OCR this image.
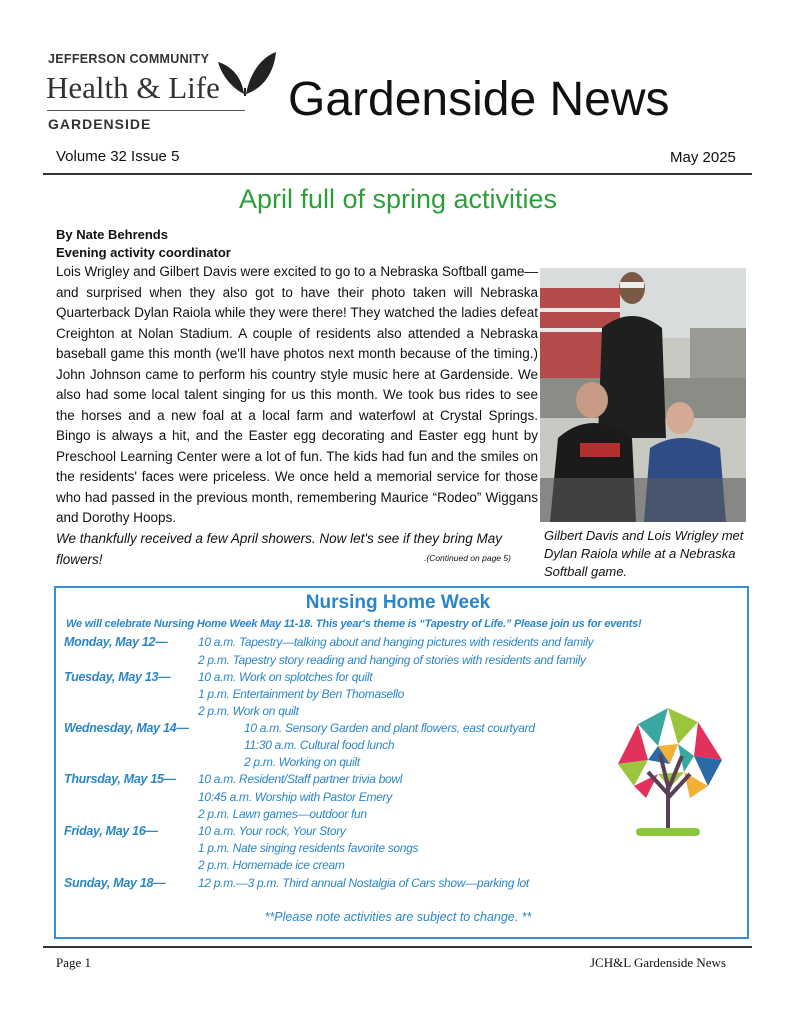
JEFFERSON COMMUNITY
Health & Life
GARDENSIDE	Gardenside News
Volume 32 Issue 5	May 2025
April full of spring activities
By Nate Behrends
Evening activity coordinator
Lois Wrigley and Gilbert Davis were excited to go to a Nebraska Softball game—and surprised when they also got to have their photo taken will Nebraska Quarterback Dylan Raiola while they were there! They watched the ladies defeat Creighton at Nolan Stadium. A couple of residents also attended a Nebraska baseball game this month (we'll have photos next month because of the timing.) John Johnson came to perform his country style music here at Gardenside. We also had some local talent singing for us this month. We took bus rides to see the horses and a new foal at a local farm and waterfowl at Crystal Springs. Bingo is always a hit, and the Easter egg decorating and Easter egg hunt by Preschool Learning Center were a lot of fun. The kids had fun and the smiles on the residents' faces were priceless. We once held a memorial service for those who had passed in the previous month, remembering Maurice “Rodeo” Wiggans and Dorothy Hoops.
We thankfully received a few April showers. Now let's see if they bring May flowers!	.(Continued on page 5)
Gilbert Davis and Lois Wrigley met Dylan Raiola while at a Nebraska Softball game.
Nursing Home Week
We will celebrate Nursing Home Week May 11-18. This year's theme is “Tapestry of Life.” Please join us for events!
Monday, May 12—	10 a.m. Tapestry—talking about and hanging pictures with residents and family
2 p.m. Tapestry story reading and hanging of stories with residents and family
Tuesday, May 13— 10 a.m. Work on splotches for quilt
1 p.m. Entertainment by Ben Thomasello
2 p.m. Work on quilt
Wednesday, May 14—	10 a.m. Sensory Garden and plant flowers, east courtyard
11:30 a.m. Cultural food lunch
2 p.m. Working on quilt
Thursday, May 15— 10 a.m. Resident/Staff partner trivia bowl
10:45 a.m. Worship with Pastor Emery
2 p.m. Lawn games—outdoor fun
Friday, May 16—	10 a.m. Your rock, Your Story
1 p.m. Nate singing residents favorite songs
2 p.m. Homemade ice cream
Sunday, May 18—	12 p.m.—3 p.m. Third annual Nostalgia of Cars show—parking lot
**Please note activities are subject to change. **
Page 1	JCH&L Gardenside News
